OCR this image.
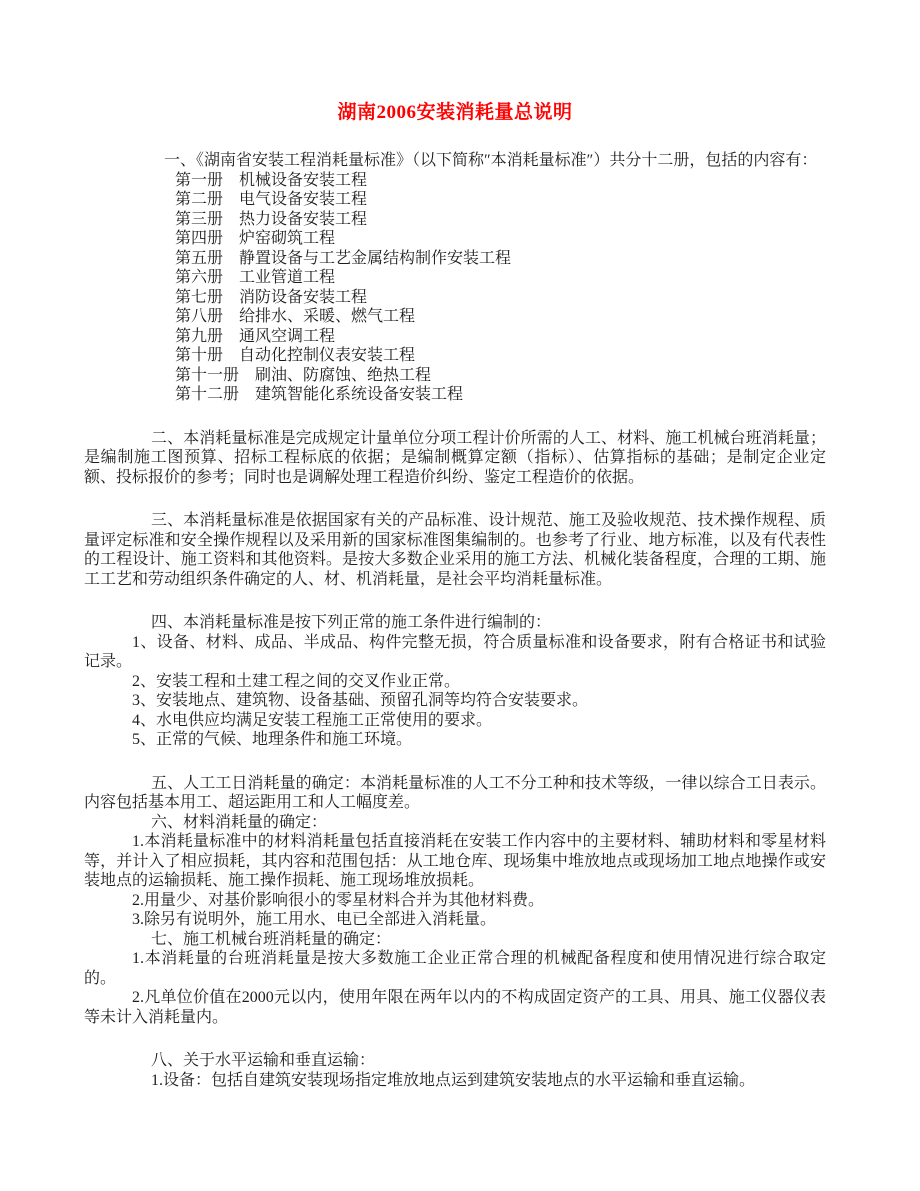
湖南2006安装消耗量总说明

一、《湖南省安装工程消耗量标准》（以下简称″本消耗量标准″）共分十二册，包括的内容有：

第一册　机械设备安装工程

第二册　电气设备安装工程

第三册　热力设备安装工程

第四册　炉窑砌筑工程

第五册　静置设备与工艺金属结构制作安装工程

第六册　工业管道工程

第七册　消防设备安装工程

第八册　给排水、采暖、燃气工程

第九册　通风空调工程

第十册　自动化控制仪表安装工程

第十一册　刷油、防腐蚀、绝热工程

第十二册　建筑智能化系统设备安装工程

二、本消耗量标准是完成规定计量单位分项工程计价所需的人工、材料、施工机械台班消耗量；是编制施工图预算、招标工程标底的依据；是编制概算定额（指标）、估算指标的基础；是制定企业定额、投标报价的参考；同时也是调解处理工程造价纠纷、鉴定工程造价的依据。

三、本消耗量标准是依据国家有关的产品标准、设计规范、施工及验收规范、技术操作规程、质量评定标准和安全操作规程以及采用新的国家标准图集编制的。也参考了行业、地方标准，以及有代表性的工程设计、施工资料和其他资料。是按大多数企业采用的施工方法、机械化装备程度，合理的工期、施工工艺和劳动组织条件确定的人、材、机消耗量，是社会平均消耗量标准。

四、本消耗量标准是按下列正常的施工条件进行编制的：

1、设备、材料、成品、半成品、构件完整无损，符合质量标准和设备要求，附有合格证书和试验记录。

2、安装工程和土建工程之间的交叉作业正常。

3、安装地点、建筑物、设备基础、预留孔洞等均符合安装要求。

4、水电供应均满足安装工程施工正常使用的要求。

5、正常的气候、地理条件和施工环境。

五、人工工日消耗量的确定：本消耗量标准的人工不分工种和技术等级，一律以综合工日表示。内容包括基本用工、超运距用工和人工幅度差。

六、材料消耗量的确定：

1.本消耗量标准中的材料消耗量包括直接消耗在安装工作内容中的主要材料、辅助材料和零星材料等，并计入了相应损耗，其内容和范围包括：从工地仓库、现场集中堆放地点或现场加工地点地操作或安装地点的运输损耗、施工操作损耗、施工现场堆放损耗。

2.用量少、对基价影响很小的零星材料合并为其他材料费。

3.除另有说明外，施工用水、电已全部进入消耗量。

七、施工机械台班消耗量的确定：

1.本消耗量的台班消耗量是按大多数施工企业正常合理的机械配备程度和使用情况进行综合取定的。

2.凡单位价值在2000元以内，使用年限在两年以内的不构成固定资产的工具、用具、施工仪器仪表等未计入消耗量内。

八、关于水平运输和垂直运输：

1.设备：包括自建筑安装现场指定堆放地点运到建筑安装地点的水平运输和垂直运输。
